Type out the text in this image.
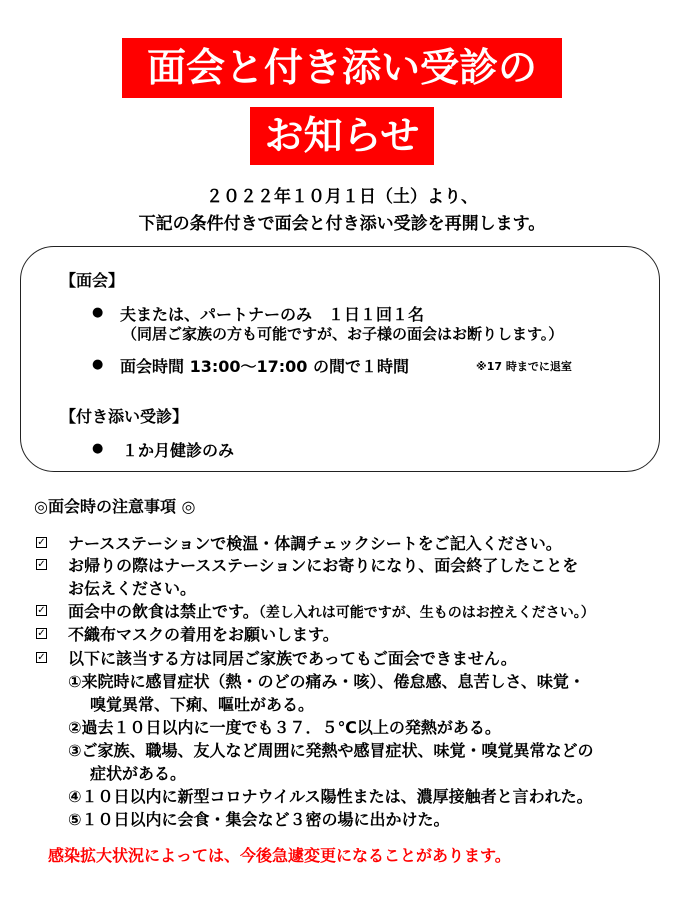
面会と付き添い受診の
お知らせ
２０２２年１０月１日（土）より、
下記の条件付きで面会と付き添い受診を再開します。
【面会】
● 夫または、パートナーのみ　１日１回１名
（同居ご家族の方も可能ですが、お子様の面会はお断りします。）
● 面会時間 13:00～17:00 の間で１時間	※17 時までに退室
【付き添い受診】
● １か月健診のみ
◎面会時の注意事項 ◎
✓ ナースステーションで検温・体調チェックシートをご記入ください。
✓ お帰りの際はナースステーションにお寄りになり、面会終了したことを
お伝えください。
✓ 面会中の飲食は禁止です。（差し入れは可能ですが、生ものはお控えください。）
✓ 不織布マスクの着用をお願いします。
✓ 以下に該当する方は同居ご家族であってもご面会できません。
①来院時に感冒症状（熱・のどの痛み・咳）、倦怠感、息苦しさ、味覚・
嗅覚異常、下痢、嘔吐がある。
②過去１０日以内に一度でも３７．５℃以上の発熱がある。
③ご家族、職場、友人など周囲に発熱や感冒症状、味覚・嗅覚異常などの
症状がある。
④１０日以内に新型コロナウイルス陽性または、濃厚接触者と言われた。
⑤１０日以内に会食・集会など３密の場に出かけた。
感染拡大状況によっては、今後急遽変更になることがあります。
